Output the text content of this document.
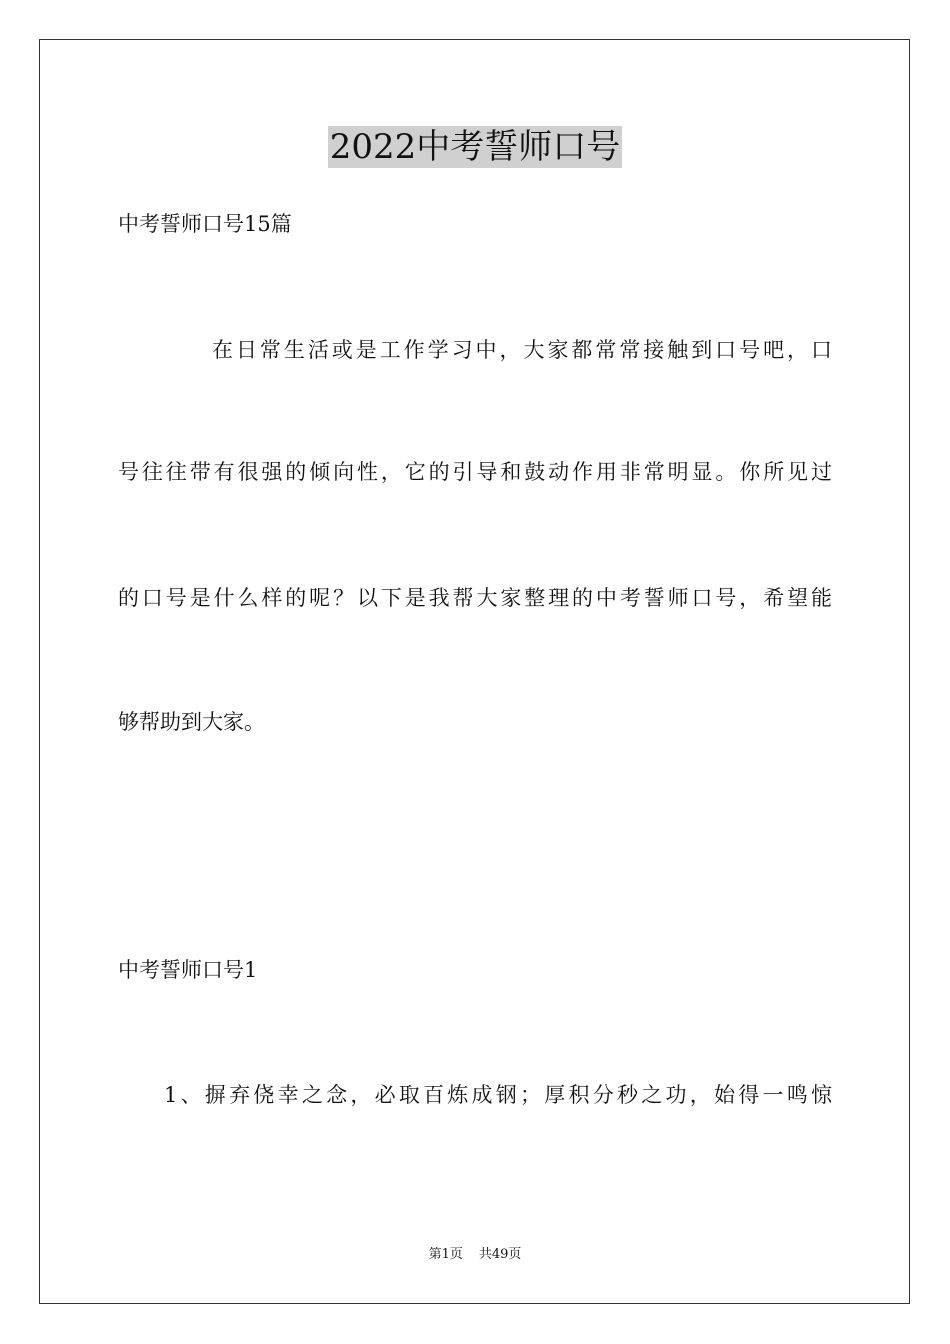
2022中考誓师口号
中考誓师口号15篇
在日常生活或是工作学习中，大家都常常接触到口号吧，口
号往往带有很强的倾向性，它的引导和鼓动作用非常明显。你所见过
的口号是什么样的呢？以下是我帮大家整理的中考誓师口号，希望能
够帮助到大家。
中考誓师口号1
1、摒弃侥幸之念，必取百炼成钢；厚积分秒之功，始得一鸣惊
第1页 共49页
